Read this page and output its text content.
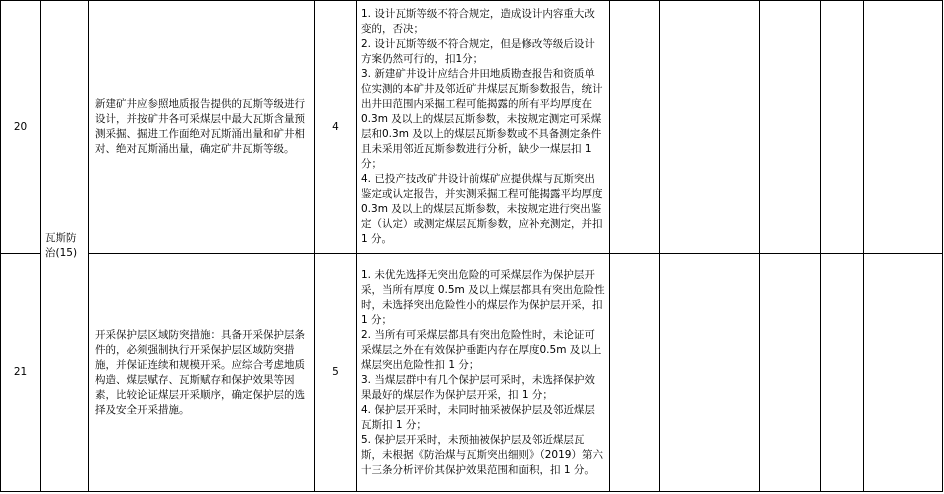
20	瓦斯防治(15)	新建矿井应参照地质报告提供的瓦斯等级进行设计，并按矿井各可采煤层中最大瓦斯含量预测采掘、掘进工作面绝对瓦斯涌出量和矿井相对、绝对瓦斯涌出量，确定矿井瓦斯等级。	4	1. 设计瓦斯等级不符合规定，造成设计内容重大改变的，否决；
2. 设计瓦斯等级不符合规定，但是修改等级后设计方案仍然可行的，扣1分；
3. 新建矿井设计应结合井田地质勘查报告和资质单位实测的本矿井及邻近矿井煤层瓦斯参数报告，统计出井田范围内采掘工程可能揭露的所有平均厚度在 0.3m 及以上的煤层瓦斯参数，未按规定测定可采煤层和0.3m 及以上的煤层瓦斯参数或不具备测定条件且未采用邻近瓦斯参数进行分析，缺少一煤层扣 1分；
4. 已投产技改矿井设计前煤矿应提供煤与瓦斯突出鉴定或认定报告，并实测采掘工程可能揭露平均厚度 0.3m 及以上的煤层瓦斯参数，未按规定进行突出鉴定（认定）或测定煤层瓦斯参数，应补充测定，并扣 1 分。					

21		开采保护层区域防突措施：具备开采保护层条件的，必须强制执行开采保护层区域防突措施，并保证连续和规模开采。应综合考虑地质构造、煤层赋存、瓦斯赋存和保护效果等因素，比较论证煤层开采顺序，确定保护层的选择及安全开采措施。	5	1. 未优先选择无突出危险的可采煤层作为保护层开采，当所有厚度 0.5m 及以上煤层都具有突出危险性时，未选择突出危险性小的煤层作为保护层开采，扣 1 分；
2. 当所有可采煤层都具有突出危险性时，未论证可采煤层之外在有效保护垂距内存在厚度0.5m 及以上煤层突出危险性扣 1 分；
3. 当煤层群中有几个保护层可采时，未选择保护效果最好的煤层作为保护层开采，扣 1 分；
4. 保护层开采时，未同时抽采被保护层及邻近煤层瓦斯扣 1 分；
5. 保护层开采时，未预抽被保护层及邻近煤层瓦斯，未根据《防治煤与瓦斯突出细则》（2019）第六十三条分析评价其保护效果范围和面积，扣 1 分。					
